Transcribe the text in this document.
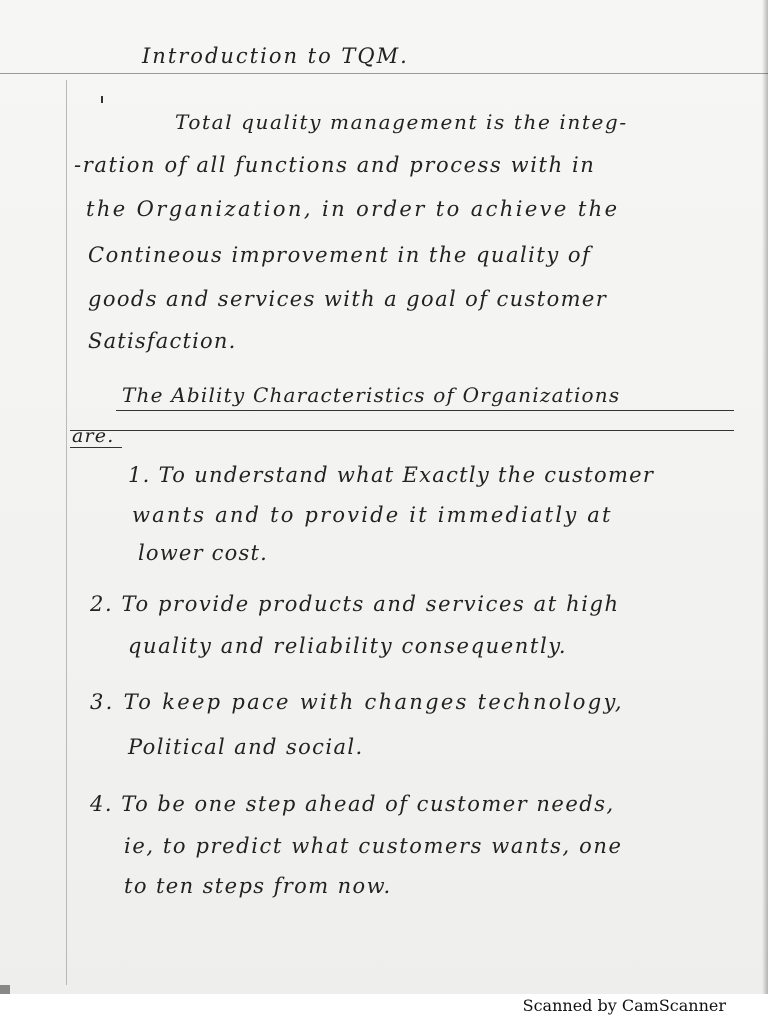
Introduction to TQM.
Total quality management is the integ-
-ration of all functions and process with in
the Organization, in order to achieve the
Contineous improvement in the quality of
goods and services with a goal of customer
Satisfaction.
The Ability Characteristics of Organizations
are.
1. To understand what Exactly the customer
wants and to provide it immediatly at
lower cost.
2. To provide products and services at high
quality and reliability consequently.
3. To keep pace with changes technology,
Political and social.
4. To be one step ahead of customer needs,
ie, to predict what customers wants, one
to ten steps from now.
Scanned by CamScanner
